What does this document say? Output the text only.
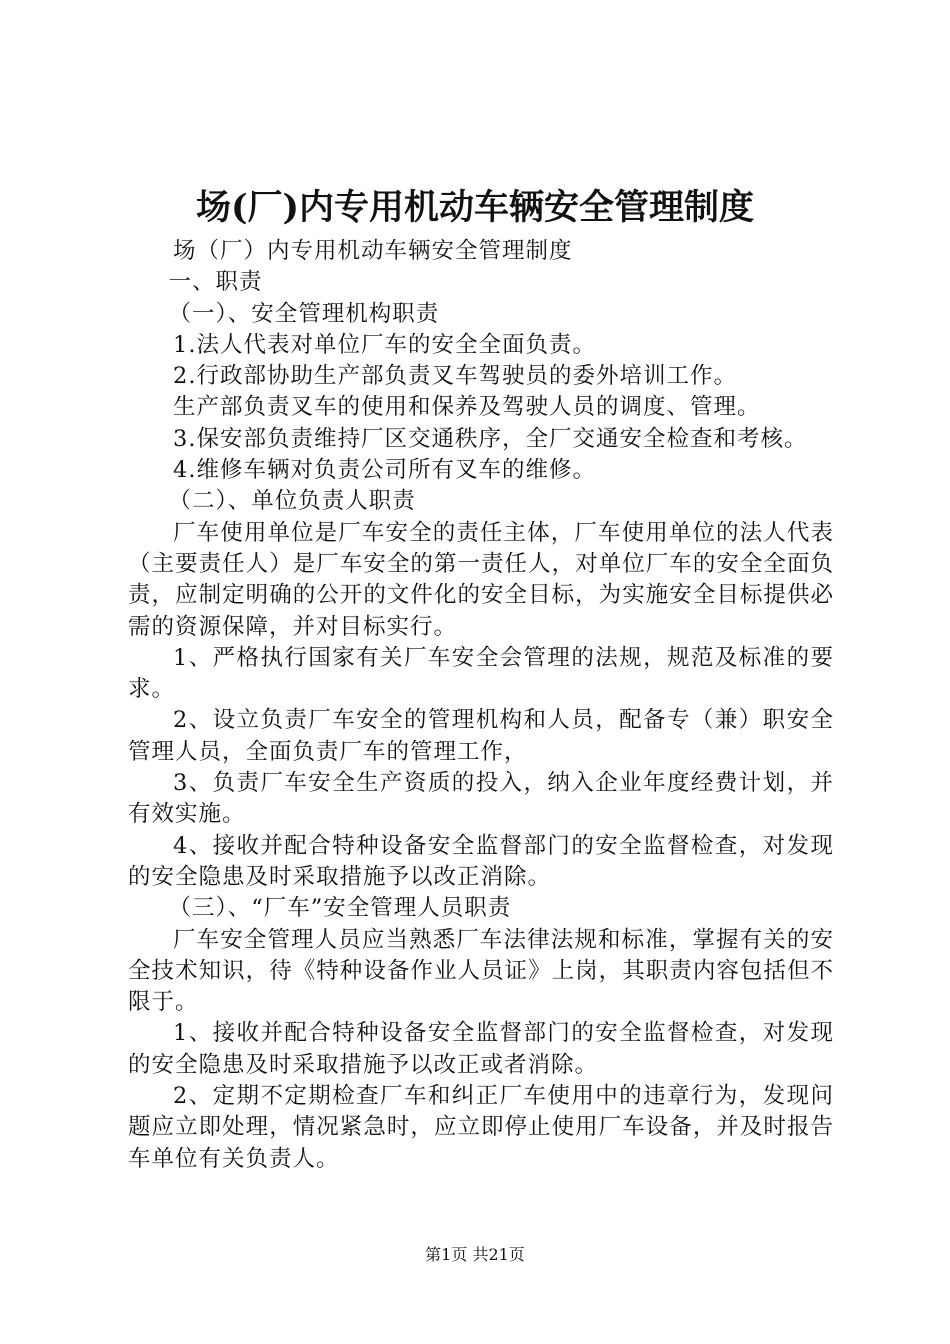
场(厂)内专用机动车辆安全管理制度

场（厂）内专用机动车辆安全管理制度

一、职责

（一）、安全管理机构职责

1.法人代表对单位厂车的安全全面负责。

2.行政部协助生产部负责叉车驾驶员的委外培训工作。

生产部负责叉车的使用和保养及驾驶人员的调度、管理。

3.保安部负责维持厂区交通秩序，全厂交通安全检查和考核。

4.维修车辆对负责公司所有叉车的维修。

（二）、单位负责人职责

厂车使用单位是厂车安全的责任主体，厂车使用单位的法人代表（主要责任人）是厂车安全的第一责任人，对单位厂车的安全全面负责，应制定明确的公开的文件化的安全目标，为实施安全目标提供必需的资源保障，并对目标实行。

1、严格执行国家有关厂车安全会管理的法规，规范及标准的要求。

2、设立负责厂车安全的管理机构和人员，配备专（兼）职安全管理人员，全面负责厂车的管理工作，

3、负责厂车安全生产资质的投入，纳入企业年度经费计划，并有效实施。

4、接收并配合特种设备安全监督部门的安全监督检查，对发现的安全隐患及时采取措施予以改正消除。

（三）、“厂车”安全管理人员职责

厂车安全管理人员应当熟悉厂车法律法规和标准，掌握有关的安全技术知识，待《特种设备作业人员证》上岗，其职责内容包括但不限于。

1、接收并配合特种设备安全监督部门的安全监督检查，对发现的安全隐患及时采取措施予以改正或者消除。

2、定期不定期检查厂车和纠正厂车使用中的违章行为，发现问题应立即处理，情况紧急时，应立即停止使用厂车设备，并及时报告车单位有关负责人。

第1页 共21页
